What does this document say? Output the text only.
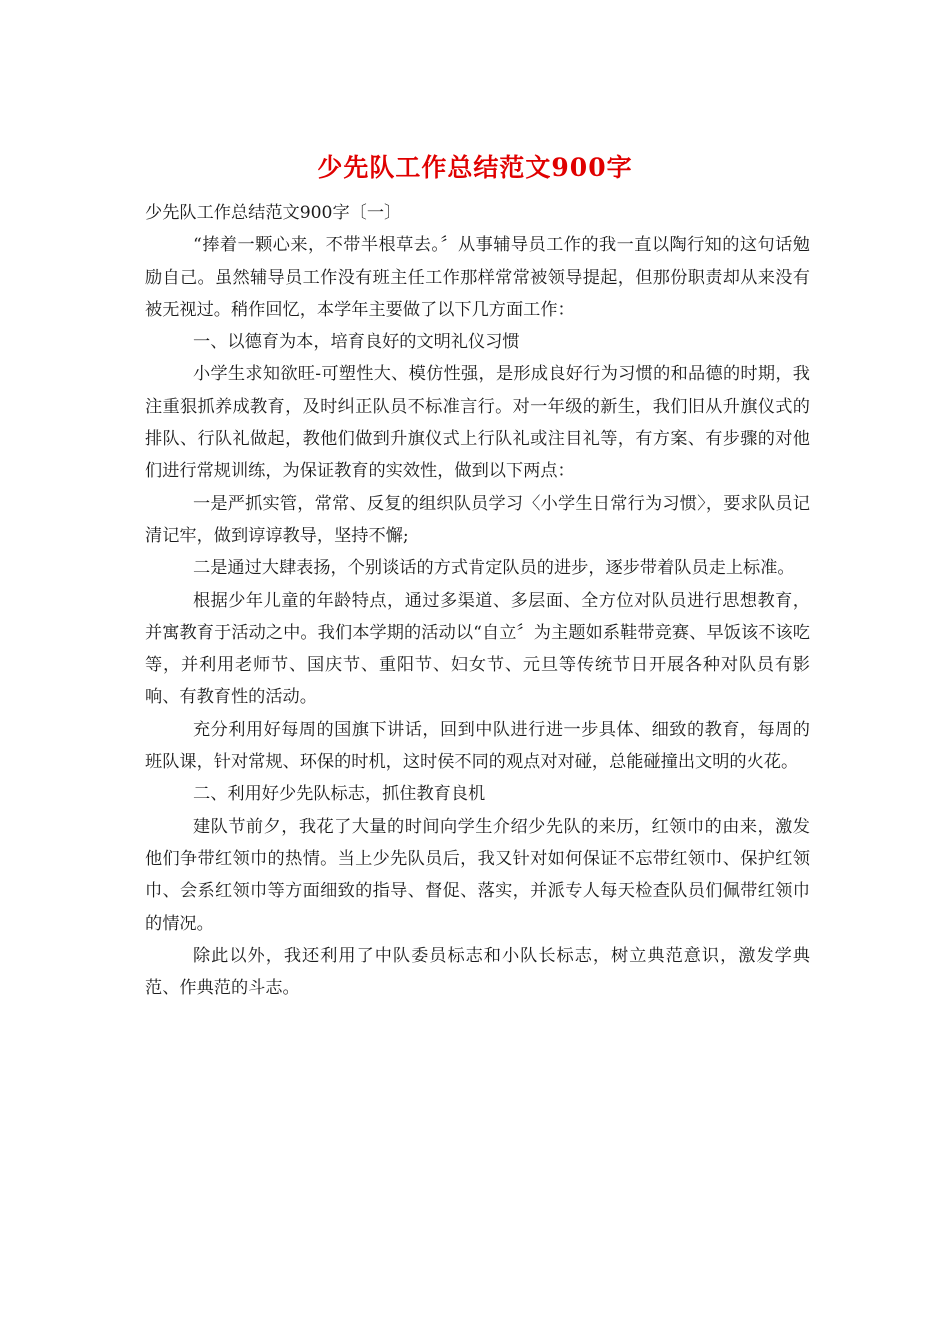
少先队工作总结范文900字

少先队工作总结范文900字〔一〕

“捧着一颗心来，不带半根草去。〞从事辅导员工作的我一直以陶行知的这句话勉励自己。虽然辅导员工作没有班主任工作那样常常被领导提起，但那份职责却从来没有被无视过。稍作回忆，本学年主要做了以下几方面工作：

一、以德育为本，培育良好的文明礼仪习惯

小学生求知欲旺-可塑性大、模仿性强，是形成良好行为习惯的和品德的时期，我注重狠抓养成教育，及时纠正队员不标准言行。对一年级的新生，我们旧从升旗仪式的排队、行队礼做起，教他们做到升旗仪式上行队礼或注目礼等，有方案、有步骤的对他们进行常规训练，为保证教育的实效性，做到以下两点：

一是严抓实管，常常、反复的组织队员学习〈小学生日常行为习惯〉，要求队员记清记牢，做到谆谆教导，坚持不懈;

二是通过大肆表扬，个别谈话的方式肯定队员的进步，逐步带着队员走上标准。

根据少年儿童的年龄特点，通过多渠道、多层面、全方位对队员进行思想教育，并寓教育于活动之中。我们本学期的活动以“自立〞为主题如系鞋带竞赛、早饭该不该吃等，并利用老师节、国庆节、重阳节、妇女节、元旦等传统节日开展各种对队员有影响、有教育性的活动。

充分利用好每周的国旗下讲话，回到中队进行进一步具体、细致的教育，每周的班队课，针对常规、环保的时机，这时侯不同的观点对对碰，总能碰撞出文明的火花。

二、利用好少先队标志，抓住教育良机

建队节前夕，我花了大量的时间向学生介绍少先队的来历，红领巾的由来，激发他们争带红领巾的热情。当上少先队员后，我又针对如何保证不忘带红领巾、保护红领巾、会系红领巾等方面细致的指导、督促、落实，并派专人每天检查队员们佩带红领巾的情况。

除此以外，我还利用了中队委员标志和小队长标志，树立典范意识，激发学典范、作典范的斗志。
